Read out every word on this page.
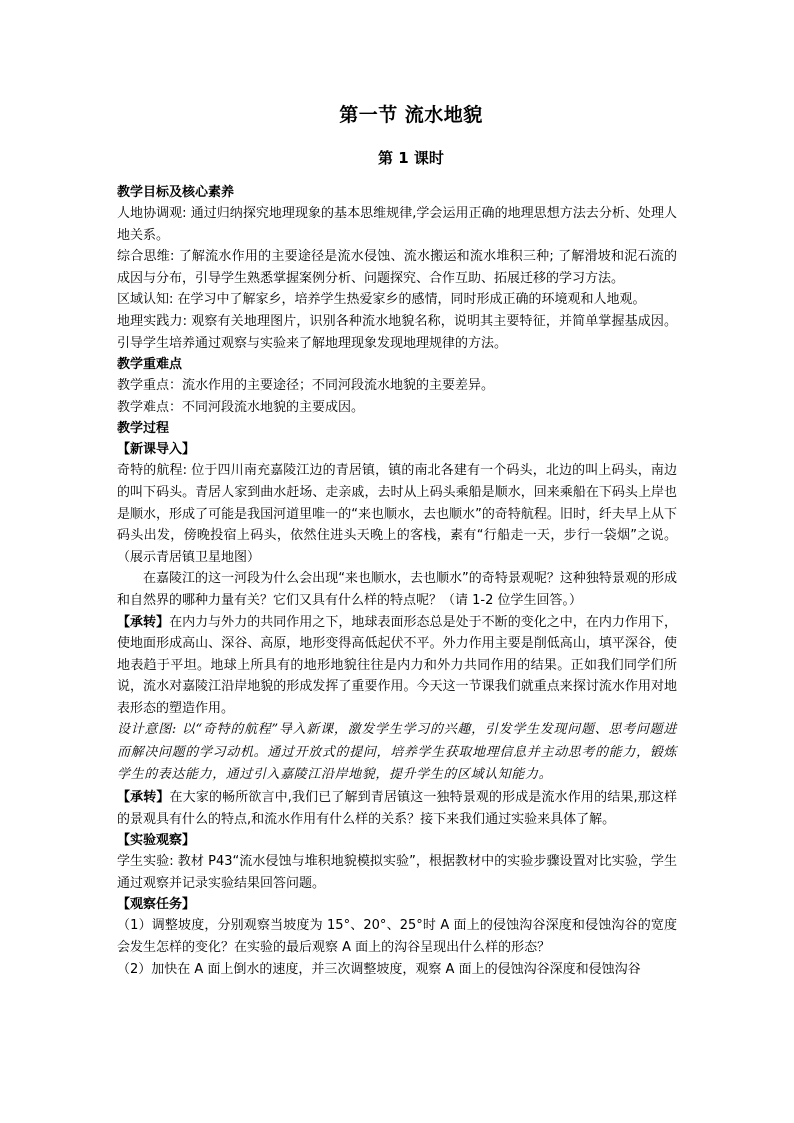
第一节 流水地貌
第 1 课时
教学目标及核心素养

人地协调观: 通过归纳探究地理现象的基本思维规律,学会运用正确的地理思想方法去分析、处理人地关系。

综合思维: 了解流水作用的主要途径是流水侵蚀、流水搬运和流水堆积三种; 了解滑坡和泥石流的成因与分布，引导学生熟悉掌握案例分析、问题探究、合作互助、拓展迁移的学习方法。

区域认知: 在学习中了解家乡，培养学生热爱家乡的感情，同时形成正确的环境观和人地观。

地理实践力: 观察有关地理图片，识别各种流水地貌名称，说明其主要特征，并简单掌握基成因。引导学生培养通过观察与实验来了解地理现象发现地理规律的方法。

教学重难点

教学重点：流水作用的主要途径；不同河段流水地貌的主要差异。

教学难点：不同河段流水地貌的主要成因。

教学过程
【新课导入】

奇特的航程: 位于四川南充嘉陵江边的青居镇，镇的南北各建有一个码头，北边的叫上码头，南边的叫下码头。青居人家到曲水赶场、走亲戚，去时从上码头乘船是顺水，回来乘船在下码头上岸也是顺水，形成了可能是我国河道里唯一的“来也顺水，去也顺水”的奇特航程。旧时，纤夫早上从下码头出发，傍晚投宿上码头，依然住进头天晚上的客栈，素有“行船走一天，步行一袋烟”之说。（展示青居镇卫星地图）

在嘉陵江的这一河段为什么会出现“来也顺水，去也顺水”的奇特景观呢？这种独特景观的形成和自然界的哪种力量有关？它们又具有什么样的特点呢？（请 1-2 位学生回答。）

【承转】在内力与外力的共同作用之下，地球表面形态总是处于不断的变化之中，在内力作用下，使地面形成高山、深谷、高原，地形变得高低起伏不平。外力作用主要是削低高山，填平深谷，使地表趋于平坦。地球上所具有的地形地貌往往是内力和外力共同作用的结果。正如我们同学们所说，流水对嘉陵江沿岸地貌的形成发挥了重要作用。今天这一节课我们就重点来探讨流水作用对地表形态的塑造作用。

设计意图: 以“奇特的航程”导入新课，激发学生学习的兴趣，引发学生发现问题、思考问题进而解决问题的学习动机。通过开放式的提问，培养学生获取地理信息并主动思考的能力，锻炼学生的表达能力，通过引入嘉陵江沿岸地貌，提升学生的区域认知能力。

【承转】在大家的畅所欲言中,我们已了解到青居镇这一独特景观的形成是流水作用的结果,那这样的景观具有什么的特点,和流水作用有什么样的关系？接下来我们通过实验来具体了解。

【实验观察】

学生实验: 教材 P43“流水侵蚀与堆积地貌模拟实验”，根据教材中的实验步骤设置对比实验，学生通过观察并记录实验结果回答问题。

【观察任务】

（1）调整坡度，分别观察当坡度为 15°、20°、25°时 A 面上的侵蚀沟谷深度和侵蚀沟谷的宽度会发生怎样的变化？在实验的最后观察 A 面上的沟谷呈现出什么样的形态？

（2）加快在 A 面上倒水的速度，并三次调整坡度，观察 A 面上的侵蚀沟谷深度和侵蚀沟谷
